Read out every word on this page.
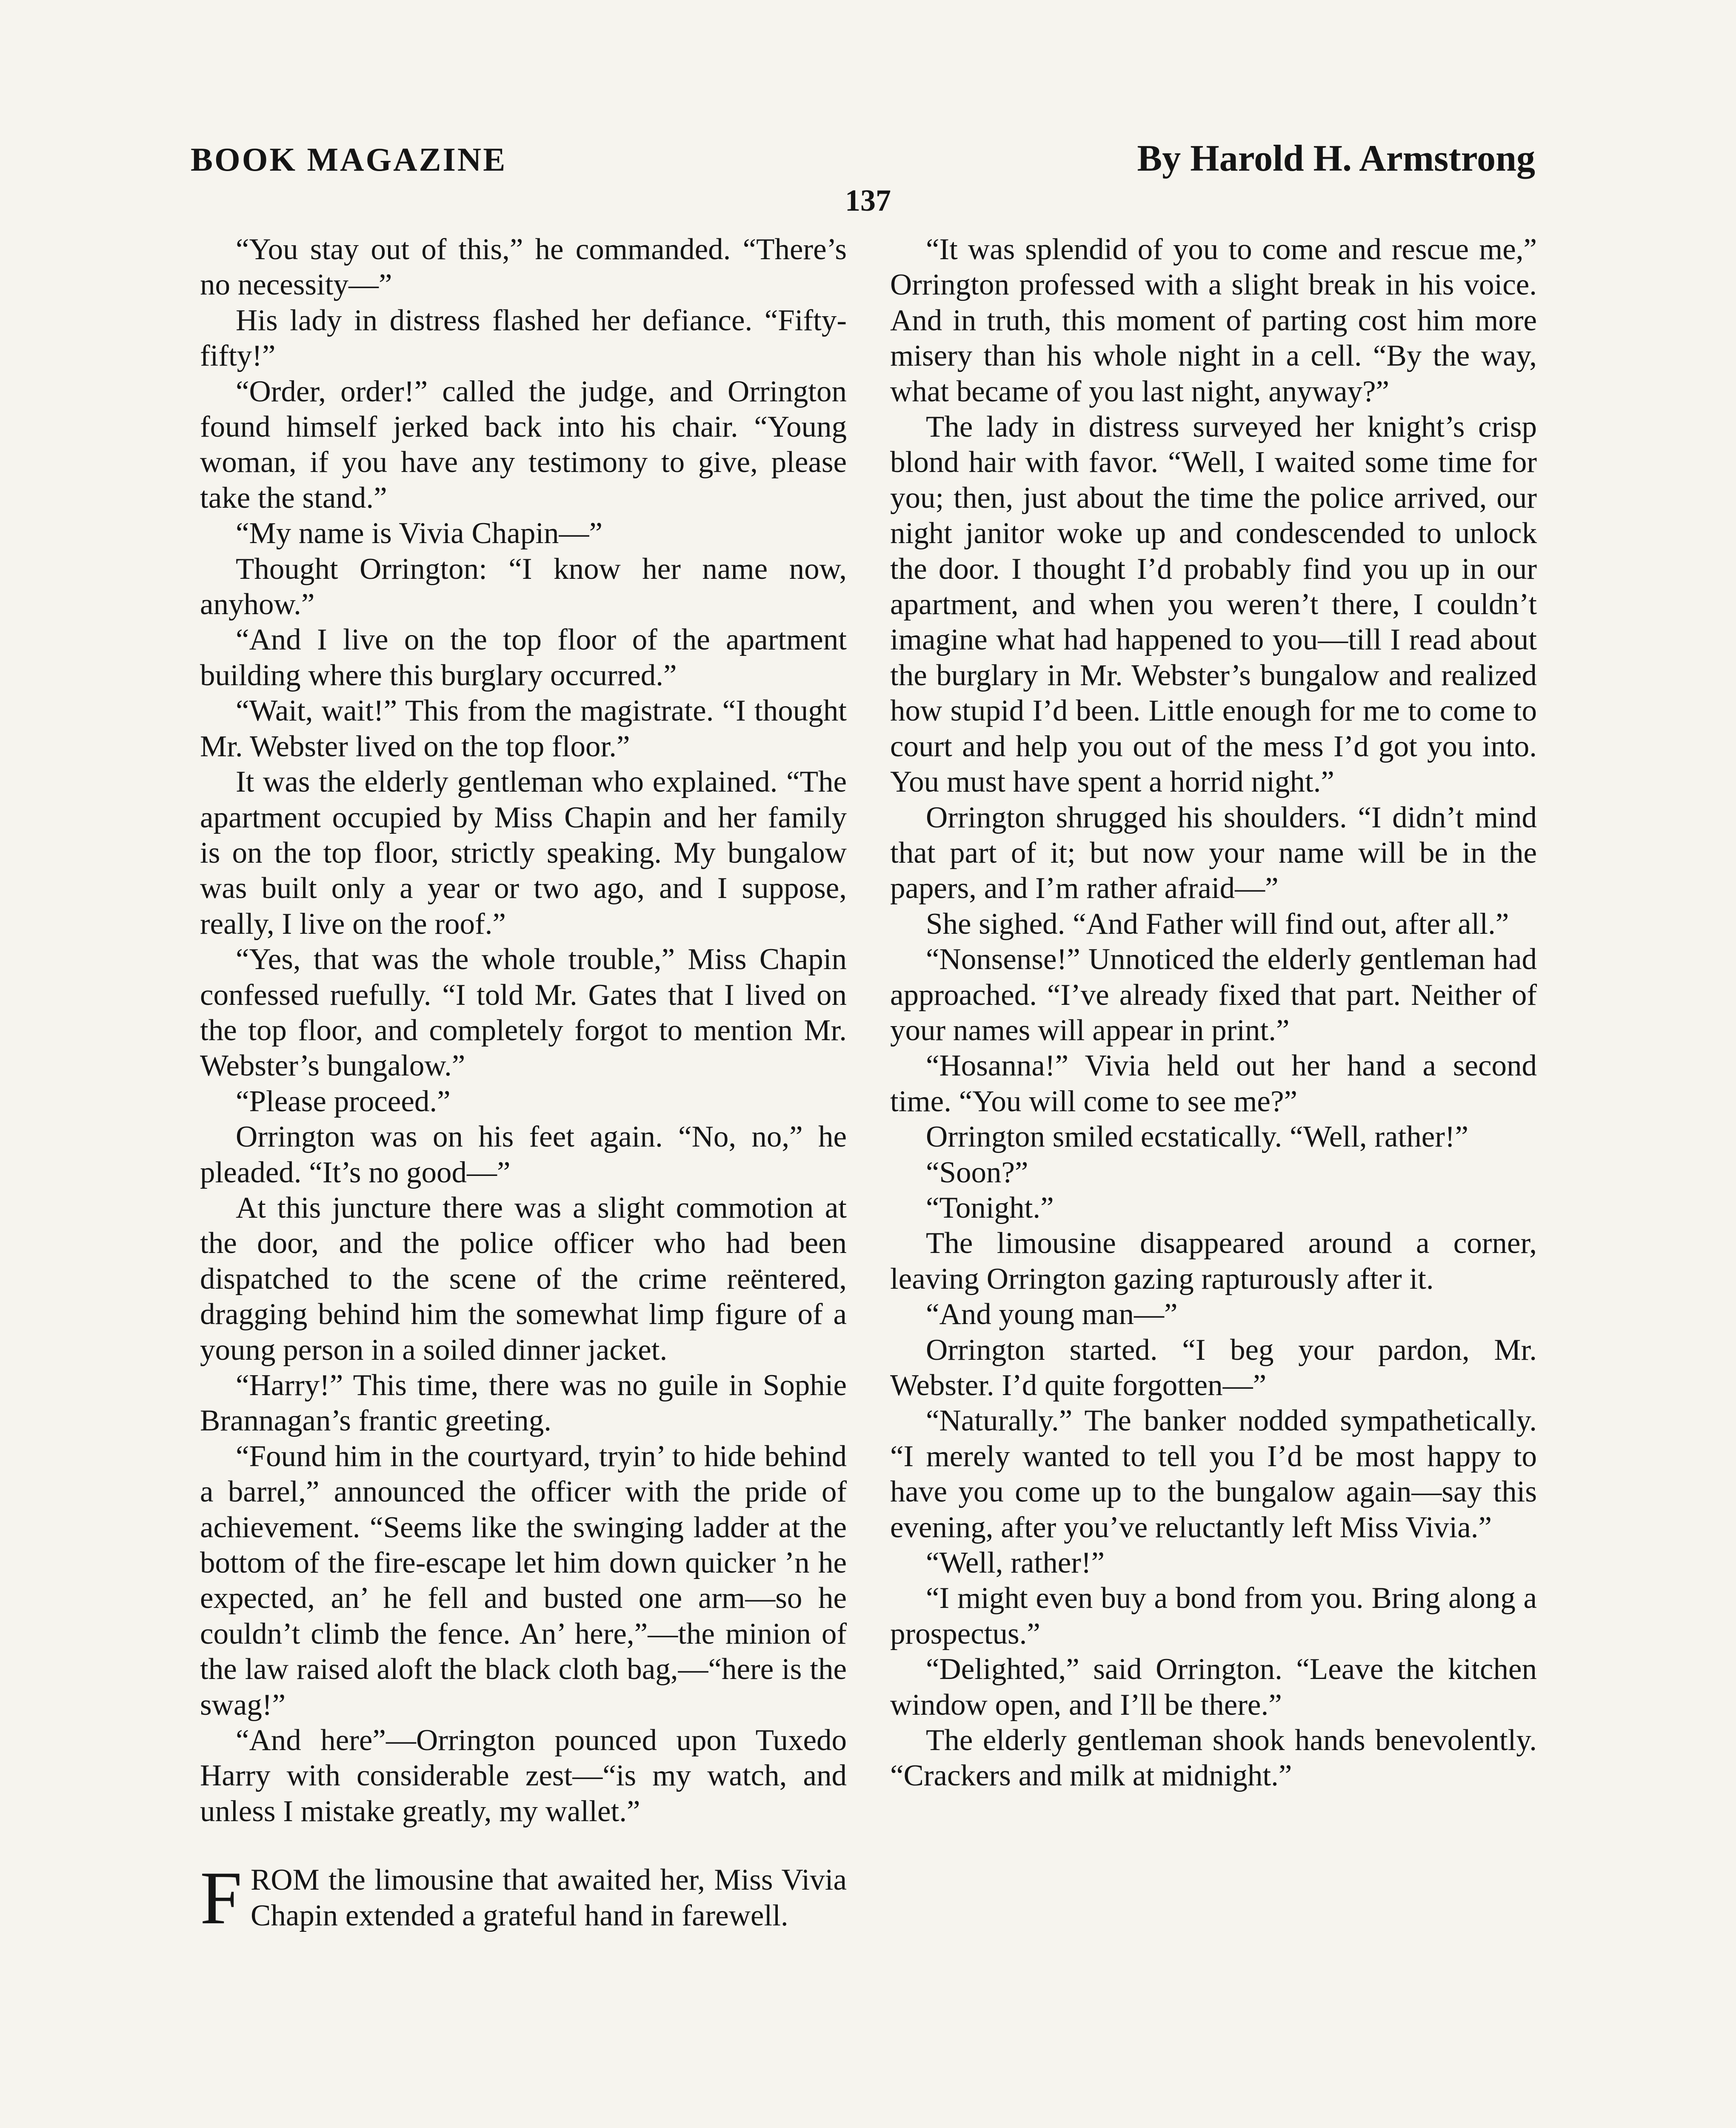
BOOK MAGAZINE	By Harold H. Armstrong
137

“You stay out of this,” he commanded. “There’s no necessity—”

His lady in distress flashed her defiance. “Fifty-fifty!”

“Order, order!” called the judge, and Orrington found himself jerked back into his chair. “Young woman, if you have any testimony to give, please take the stand.”

“My name is Vivia Chapin—”

Thought Orrington: “I know her name now, anyhow.”

“And I live on the top floor of the apartment building where this burglary occurred.”

“Wait, wait!” This from the magistrate. “I thought Mr. Webster lived on the top floor.”

It was the elderly gentleman who explained. “The apartment occupied by Miss Chapin and her family is on the top floor, strictly speaking. My bungalow was built only a year or two ago, and I suppose, really, I live on the roof.”

“Yes, that was the whole trouble,” Miss Chapin confessed ruefully. “I told Mr. Gates that I lived on the top floor, and completely forgot to mention Mr. Webster’s bungalow.”

“Please proceed.”

Orrington was on his feet again. “No, no,” he pleaded. “It’s no good—”

At this juncture there was a slight commotion at the door, and the police officer who had been dispatched to the scene of the crime reëntered, dragging behind him the somewhat limp figure of a young person in a soiled dinner jacket.

“Harry!” This time, there was no guile in Sophie Brannagan’s frantic greeting.

“Found him in the courtyard, tryin’ to hide behind a barrel,” announced the officer with the pride of achievement. “Seems like the swinging ladder at the bottom of the fire-escape let him down quicker ’n he expected, an’ he fell and busted one arm—so he couldn’t climb the fence. An’ here,”—the minion of the law raised aloft the black cloth bag,—“here is the swag!”

“And here”—Orrington pounced upon Tuxedo Harry with considerable zest—“is my watch, and unless I mistake greatly, my wallet.”

FROM the limousine that awaited her, Miss Vivia Chapin extended a grateful hand in farewell.

“It was splendid of you to come and rescue me,” Orrington professed with a slight break in his voice. And in truth, this moment of parting cost him more misery than his whole night in a cell. “By the way, what became of you last night, anyway?”

The lady in distress surveyed her knight’s crisp blond hair with favor. “Well, I waited some time for you; then, just about the time the police arrived, our night janitor woke up and condescended to unlock the door. I thought I’d probably find you up in our apartment, and when you weren’t there, I couldn’t imagine what had happened to you—till I read about the burglary in Mr. Webster’s bungalow and realized how stupid I’d been. Little enough for me to come to court and help you out of the mess I’d got you into. You must have spent a horrid night.”

Orrington shrugged his shoulders. “I didn’t mind that part of it; but now your name will be in the papers, and I’m rather afraid—”

She sighed. “And Father will find out, after all.”

“Nonsense!” Unnoticed the elderly gentleman had approached. “I’ve already fixed that part. Neither of your names will appear in print.”

“Hosanna!” Vivia held out her hand a second time. “You will come to see me?”

Orrington smiled ecstatically. “Well, rather!”

“Soon?”

“Tonight.”

The limousine disappeared around a corner, leaving Orrington gazing rapturously after it.

“And young man—”

Orrington started. “I beg your pardon, Mr. Webster. I’d quite forgotten—”

“Naturally.” The banker nodded sympathetically. “I merely wanted to tell you I’d be most happy to have you come up to the bungalow again—say this evening, after you’ve reluctantly left Miss Vivia.”

“Well, rather!”

“I might even buy a bond from you. Bring along a prospectus.”

“Delighted,” said Orrington. “Leave the kitchen window open, and I’ll be there.”

The elderly gentleman shook hands benevolently. “Crackers and milk at midnight.”
